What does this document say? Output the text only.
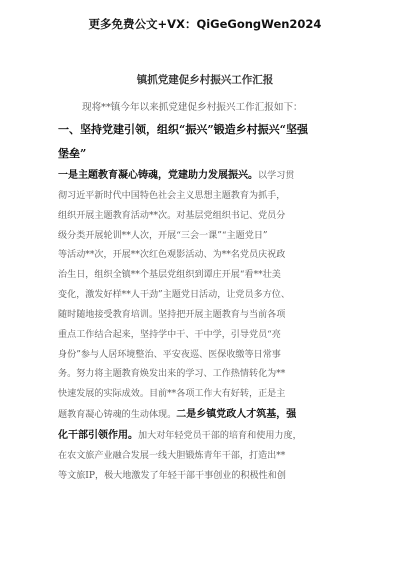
更多免费公文+VX：QiGeGongWen2024
镇抓党建促乡村振兴工作汇报
现将**镇今年以来抓党建促乡村振兴工作汇报如下：
一、坚持党建引领，组织“振兴”锻造乡村振兴“坚强
堡垒”
一是主题教育凝心铸魂，党建助力发展振兴。以学习贯
彻习近平新时代中国特色社会主义思想主题教育为抓手，
组织开展主题教育活动**次。对基层党组织书记、党员分
级分类开展轮训**人次，开展“三会一课”“主题党日”
等活动**次，开展**次红色观影活动、为**名党员庆祝政
治生日，组织全镇**个基层党组织到谭庄开展“看**壮美
变化，激发好样**人干劲”主题党日活动，让党员多方位、
随时随地接受教育培训。坚持把开展主题教育与当前各项
重点工作结合起来，坚持学中干、干中学，引导党员“亮
身份”参与人居环境整治、平安夜巡、医保收缴等日常事
务。努力将主题教育焕发出来的学习、工作热情转化为**
快速发展的实际成效。目前**各项工作大有好转，正是主
题教育凝心铸魂的生动体现。二是乡镇党政人才筑基，强
化干部引领作用。加大对年轻党员干部的培育和使用力度，
在农文旅产业融合发展一线大胆锻炼青年干部，打造出**
等文旅IP，极大地激发了年轻干部干事创业的积极性和创
